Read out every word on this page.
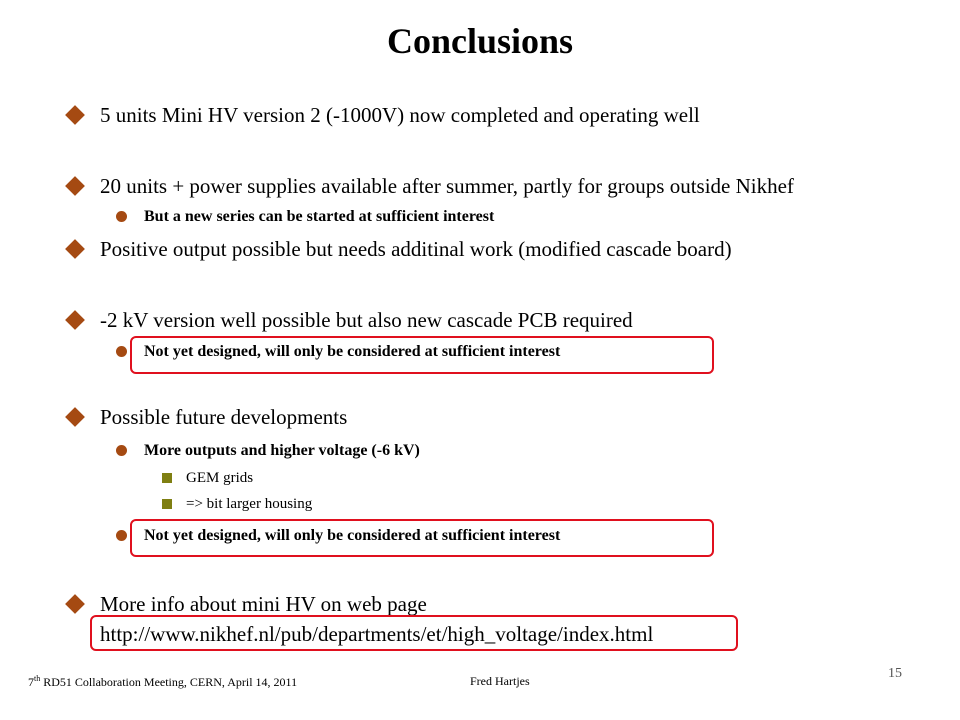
Conclusions
5 units Mini HV version 2 (-1000V) now completed and operating well
20 units + power supplies available after summer, partly for groups outside Nikhef
But a new series can be started at sufficient interest
Positive output possible but needs additinal work (modified cascade board)
-2 kV version well possible but also new cascade PCB required
Not yet designed, will only be considered at sufficient interest
Possible future developments
More outputs and higher voltage (-6 kV)
GEM grids
=> bit larger housing
Not yet designed, will only be considered at sufficient interest
More info about mini HV on web page
http://www.nikhef.nl/pub/departments/et/high_voltage/index.html
7th RD51 Collaboration Meeting, CERN, April 14, 2011	Fred Hartjes	15
